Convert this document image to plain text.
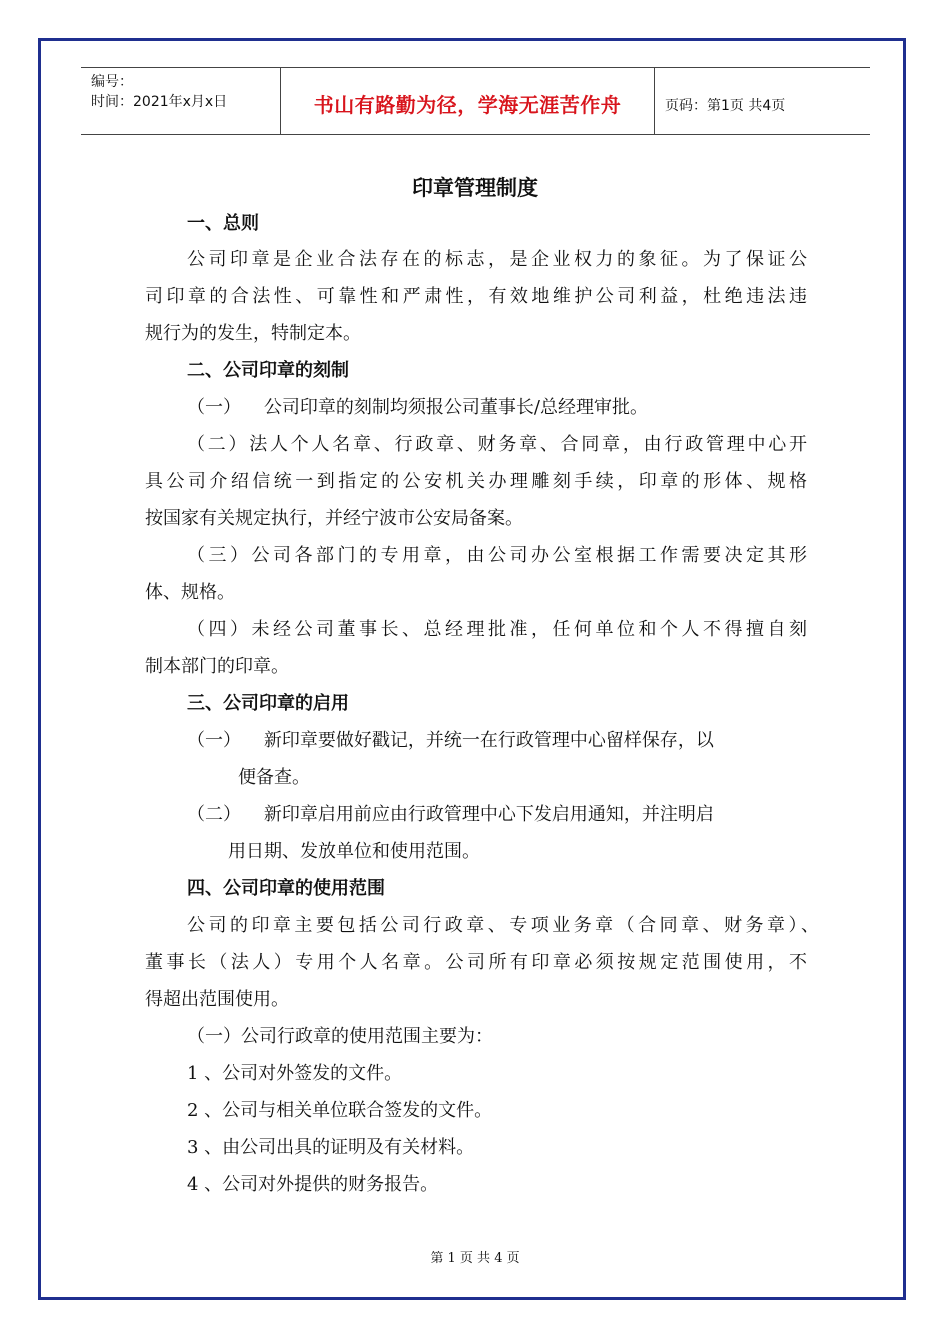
编号：
时间：2021年x月x日	书山有路勤为径，学海无涯苦作舟	页码：第1页 共4页
印章管理制度
一、总则
公司印章是企业合法存在的标志，是企业权力的象征。为了保证公
司印章的合法性、可靠性和严肃性，有效地维护公司利益，杜绝违法违
规行为的发生，特制定本。
二、公司印章的刻制
（一）    公司印章的刻制均须报公司董事长/总经理审批。
（二）法人个人名章、行政章、财务章、合同章，由行政管理中心开
具公司介绍信统一到指定的公安机关办理雕刻手续，印章的形体、规格
按国家有关规定执行，并经宁波市公安局备案。
（三）公司各部门的专用章，由公司办公室根据工作需要决定其形
体、规格。
（四）未经公司董事长、总经理批准，任何单位和个人不得擅自刻
制本部门的印章。
三、公司印章的启用
（一）    新印章要做好戳记，并统一在行政管理中心留样保存，以
便备查。
（二）    新印章启用前应由行政管理中心下发启用通知，并注明启
用日期、发放单位和使用范围。
四、公司印章的使用范围
公司的印章主要包括公司行政章、专项业务章（合同章、财务章）、
董事长（法人）专用个人名章。公司所有印章必须按规定范围使用，不
得超出范围使用。
（一）公司行政章的使用范围主要为：
1 、公司对外签发的文件。
2 、公司与相关单位联合签发的文件。
3 、由公司出具的证明及有关材料。
4 、公司对外提供的财务报告。
第 1 页 共 4 页
